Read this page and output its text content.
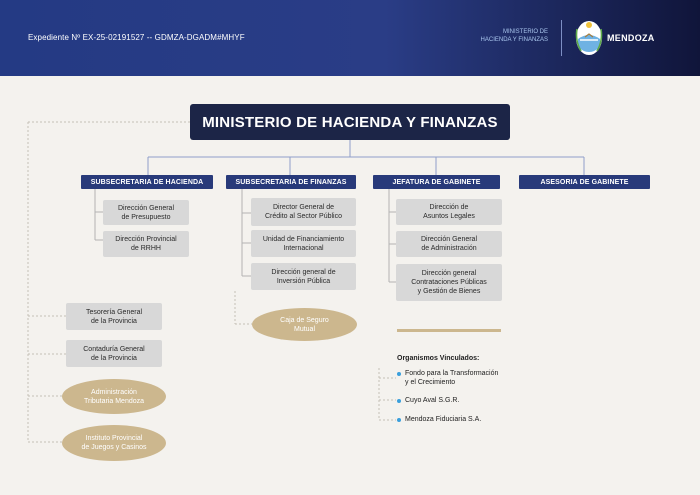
Expediente Nº EX-25-02191527 -- GDMZA-DGADM#MHYF
MINISTERIO DE
HACIENDA Y FINANZAS	MENDOZA
MINISTERIO DE HACIENDA Y FINANZAS
SUBSECRETARIA DE HACIENDA	SUBSECRETARIA DE FINANZAS	JEFATURA DE GABINETE	ASESORIA DE GABINETE
Dirección General
de Presupuesto
Dirección Provincial
de RRHH
Director General de
Crédito al Sector Público
Unidad de Financiamiento
Internacional
Dirección general de
Inversión Pública
Caja de Seguro
Mutual
Dirección de
Asuntos Legales
Dirección General
de Administración
Dirección general
Contrataciones Públicas
y Gestión de Bienes
Tesorería General
de la Provincia
Contaduría General
de la Provincia
Administración
Tributaria Mendoza
Instituto Provincial
de Juegos y Casinos
Organismos Vinculados:
Fondo para la Transformación
y el Crecimiento
Cuyo Aval S.G.R.
Mendoza Fiduciaria S.A.
